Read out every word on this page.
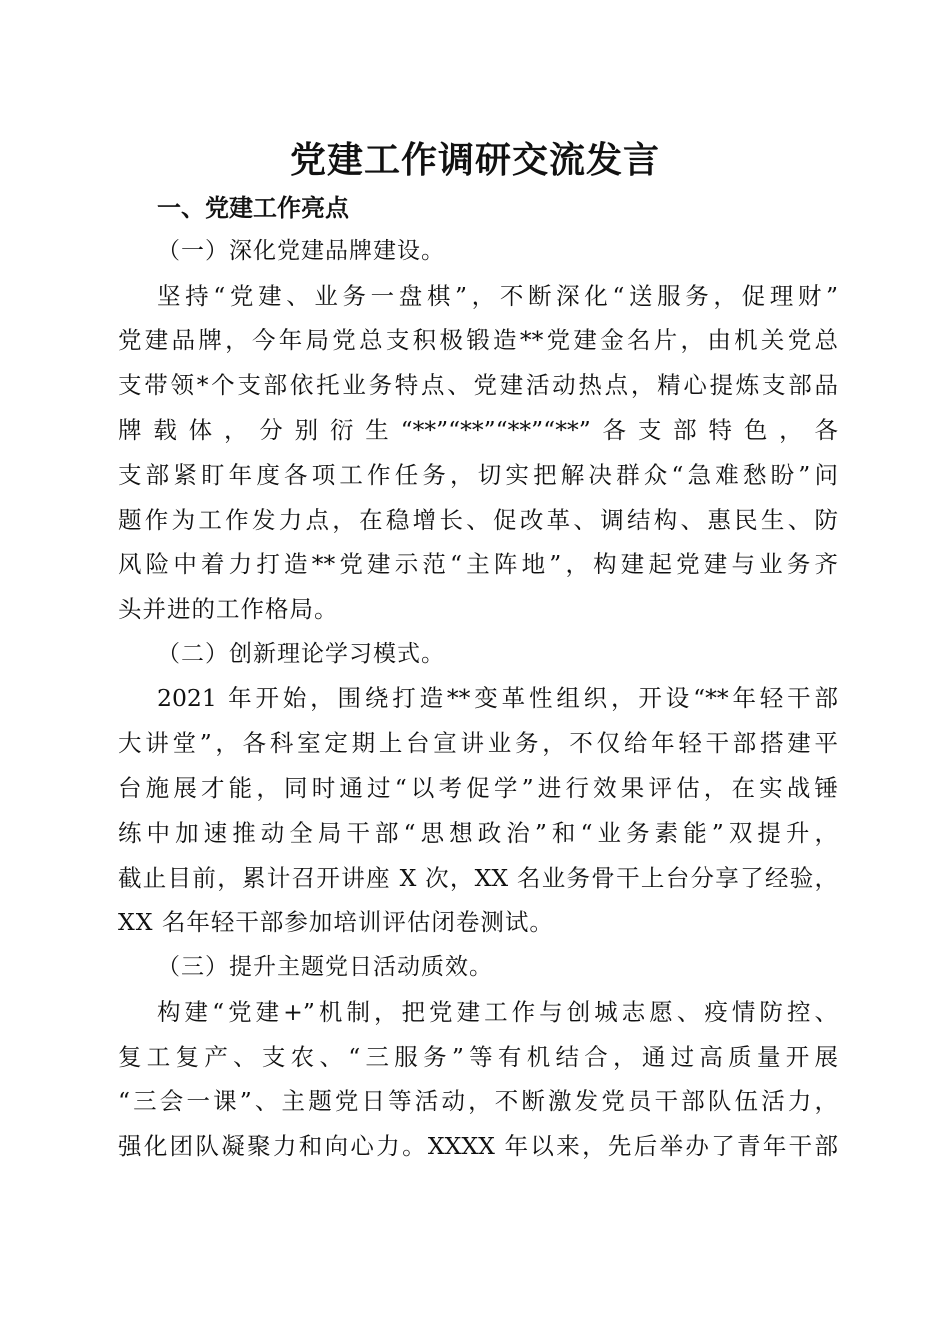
党建工作调研交流发言
一、党建工作亮点
（一）深化党建品牌建设。
坚持“党建、业务一盘棋”，不断深化“送服务，促理财”
党建品牌，今年局党总支积极锻造**党建金名片，由机关党总
支带领*个支部依托业务特点、党建活动热点，精心提炼支部品
牌载体，分别衍生“**”“**”“**”“**”各支部特色，各
支部紧盯年度各项工作任务，切实把解决群众“急难愁盼”问
题作为工作发力点，在稳增长、促改革、调结构、惠民生、防
风险中着力打造**党建示范“主阵地”，构建起党建与业务齐
头并进的工作格局。
（二）创新理论学习模式。
2021 年开始，围绕打造**变革性组织，开设“**年轻干部
大讲堂”，各科室定期上台宣讲业务，不仅给年轻干部搭建平
台施展才能，同时通过“以考促学”进行效果评估，在实战锤
练中加速推动全局干部“思想政治”和“业务素能”双提升，
截止目前，累计召开讲座 X 次，XX 名业务骨干上台分享了经验，
XX 名年轻干部参加培训评估闭卷测试。
（三）提升主题党日活动质效。
构建“党建+”机制，把党建工作与创城志愿、疫情防控、
复工复产、支农、“三服务”等有机结合，通过高质量开展
“三会一课”、主题党日等活动，不断激发党员干部队伍活力，
强化团队凝聚力和向心力。XXXX 年以来，先后举办了青年干部
